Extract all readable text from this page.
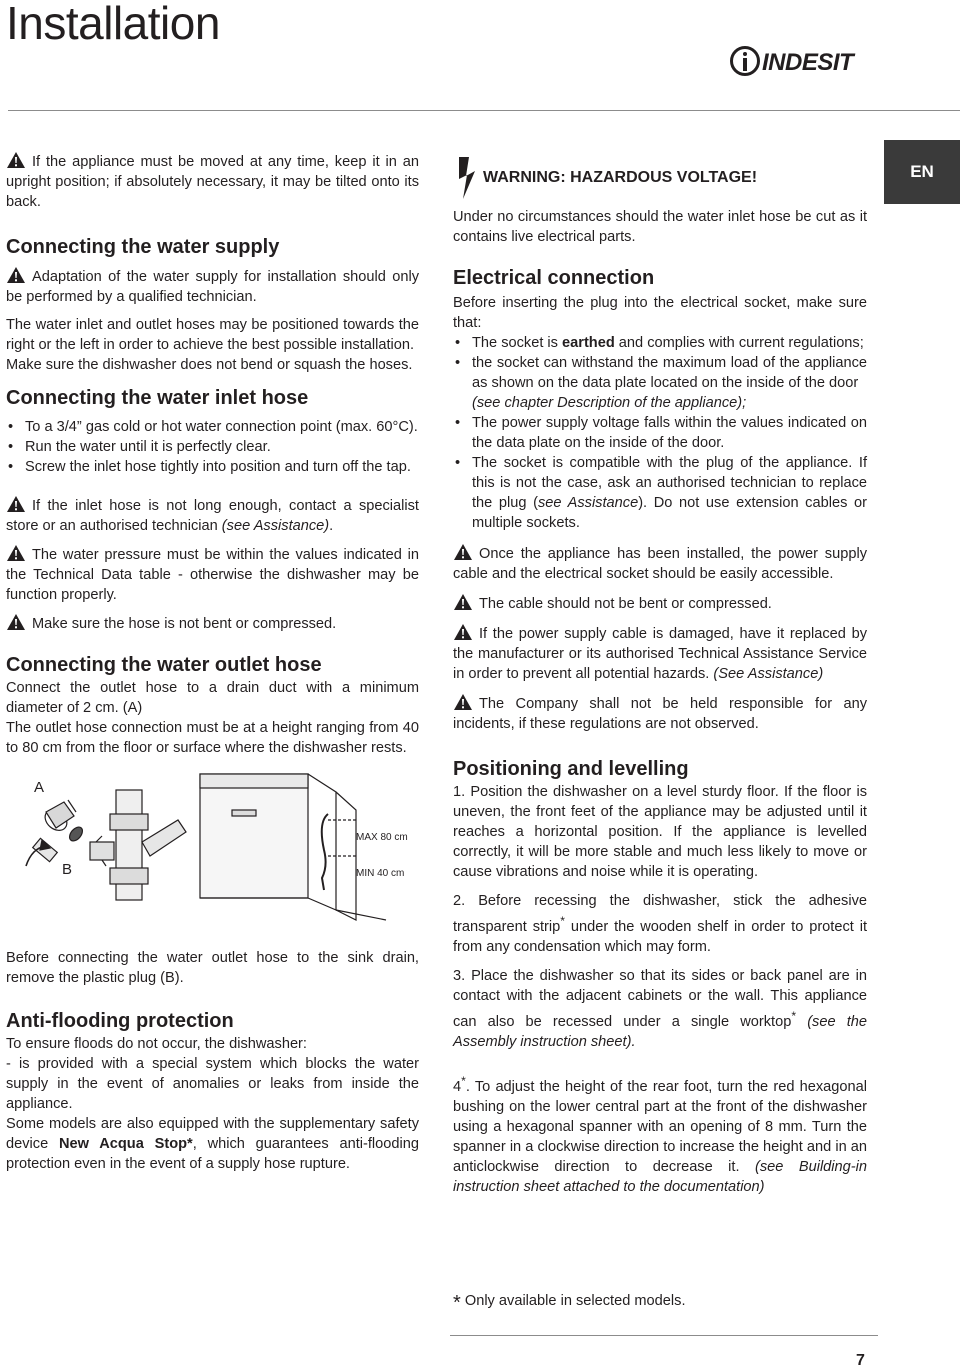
Installation
INDESIT
EN

If the appliance must be moved at any time, keep it in an upright position; if absolutely necessary, it may be tilted onto its back.

Connecting the water supply

Adaptation of the water supply for installation should only be performed by a qualified technician.

The water inlet and outlet hoses may be positioned towards the right or the left in order to achieve the best possible installation.

Make sure the dishwasher does not bend or squash the hoses.

Connecting the water inlet hose
• To a 3/4” gas cold or hot water connection point (max. 60°C).
• Run the water until it is perfectly clear.
• Screw the inlet hose tightly into position and turn off the tap.

If the inlet hose is not long enough, contact a specialist store or an authorised technician (see Assistance).

The water pressure must be within the values indicated in the Technical Data table - otherwise the dishwasher may be function properly.

Make sure the hose is not bent or compressed.

Connecting the water outlet hose

Connect the outlet hose to a drain duct with a minimum diameter of 2 cm. (A)

The outlet hose connection must be at a height ranging from 40 to 80 cm from the floor or surface where the dishwasher rests.

A
B
MAX 80 cm
MIN 40 cm

Before connecting the water outlet hose to the sink drain, remove the plastic plug (B).

Anti-flooding protection

To ensure floods do not occur, the dishwasher:

- is provided with a special system which blocks the water supply in the event of anomalies or leaks from inside the appliance.

Some models are also equipped with the supplementary safety device New Acqua Stop*, which guarantees anti-flooding protection even in the event of a supply hose rupture.

WARNING: HAZARDOUS VOLTAGE!

Under no circumstances should the water inlet hose be cut as it contains live electrical parts.

Electrical connection

Before inserting the plug into the electrical socket, make sure that:

• The socket is earthed and complies with current regulations;
• the socket can withstand the maximum load of the appliance as shown on the data plate located on the inside of the door
(see chapter Description of the appliance);
• The power supply voltage falls within the values indicated on the data plate on the inside of the door.
• The socket is compatible with the plug of the appliance. If this is not the case, ask an authorised technician to replace the plug (see Assistance). Do not use extension cables or multiple sockets.

Once the appliance has been installed, the power supply cable and the electrical socket should be easily accessible.

The cable should not be bent or compressed.

If the power supply cable is damaged, have it replaced by the manufacturer or its authorised Technical Assistance Service in order to prevent all potential hazards. (See Assistance)

The Company shall not be held responsible for any incidents, if these regulations are not observed.

Positioning and levelling

1. Position the dishwasher on a level sturdy floor. If the floor is uneven, the front feet of the appliance may be adjusted until it reaches a horizontal position. If the appliance is levelled correctly, it will be more stable and much less likely to move or cause vibrations and noise while it is operating.

2. Before recessing the dishwasher, stick the adhesive transparent strip* under the wooden shelf in order to protect it from any condensation which may form.

3. Place the dishwasher so that its sides or back panel are in contact with the adjacent cabinets or the wall. This appliance can also be recessed under a single worktop* (see the Assembly instruction sheet).

4*. To adjust the height of the rear foot, turn the red hexagonal bushing on the lower central part at the front of the dishwasher using a hexagonal spanner with an opening of 8 mm. Turn the spanner in a clockwise direction to increase the height and in an anticlockwise direction to decrease it. (see Building-in instruction sheet attached to the documentation)

* Only available in selected models.
7
